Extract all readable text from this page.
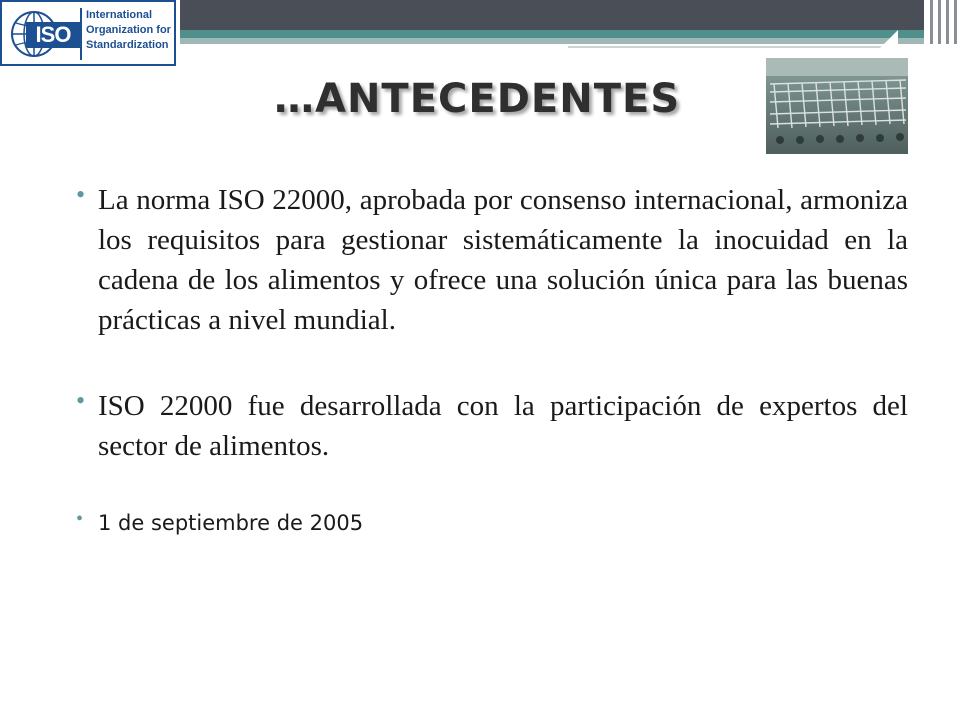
ISO
International
Organization for
Standardization
…ANTECEDENTES

• La norma ISO 22000, aprobada por consenso internacional, armoniza los requisitos para gestionar sistemáticamente la inocuidad en la cadena de los alimentos y ofrece una solución única para las buenas prácticas a nivel mundial.

• ISO 22000 fue desarrollada con la participación de expertos del sector de alimentos.

• 1 de septiembre de 2005
